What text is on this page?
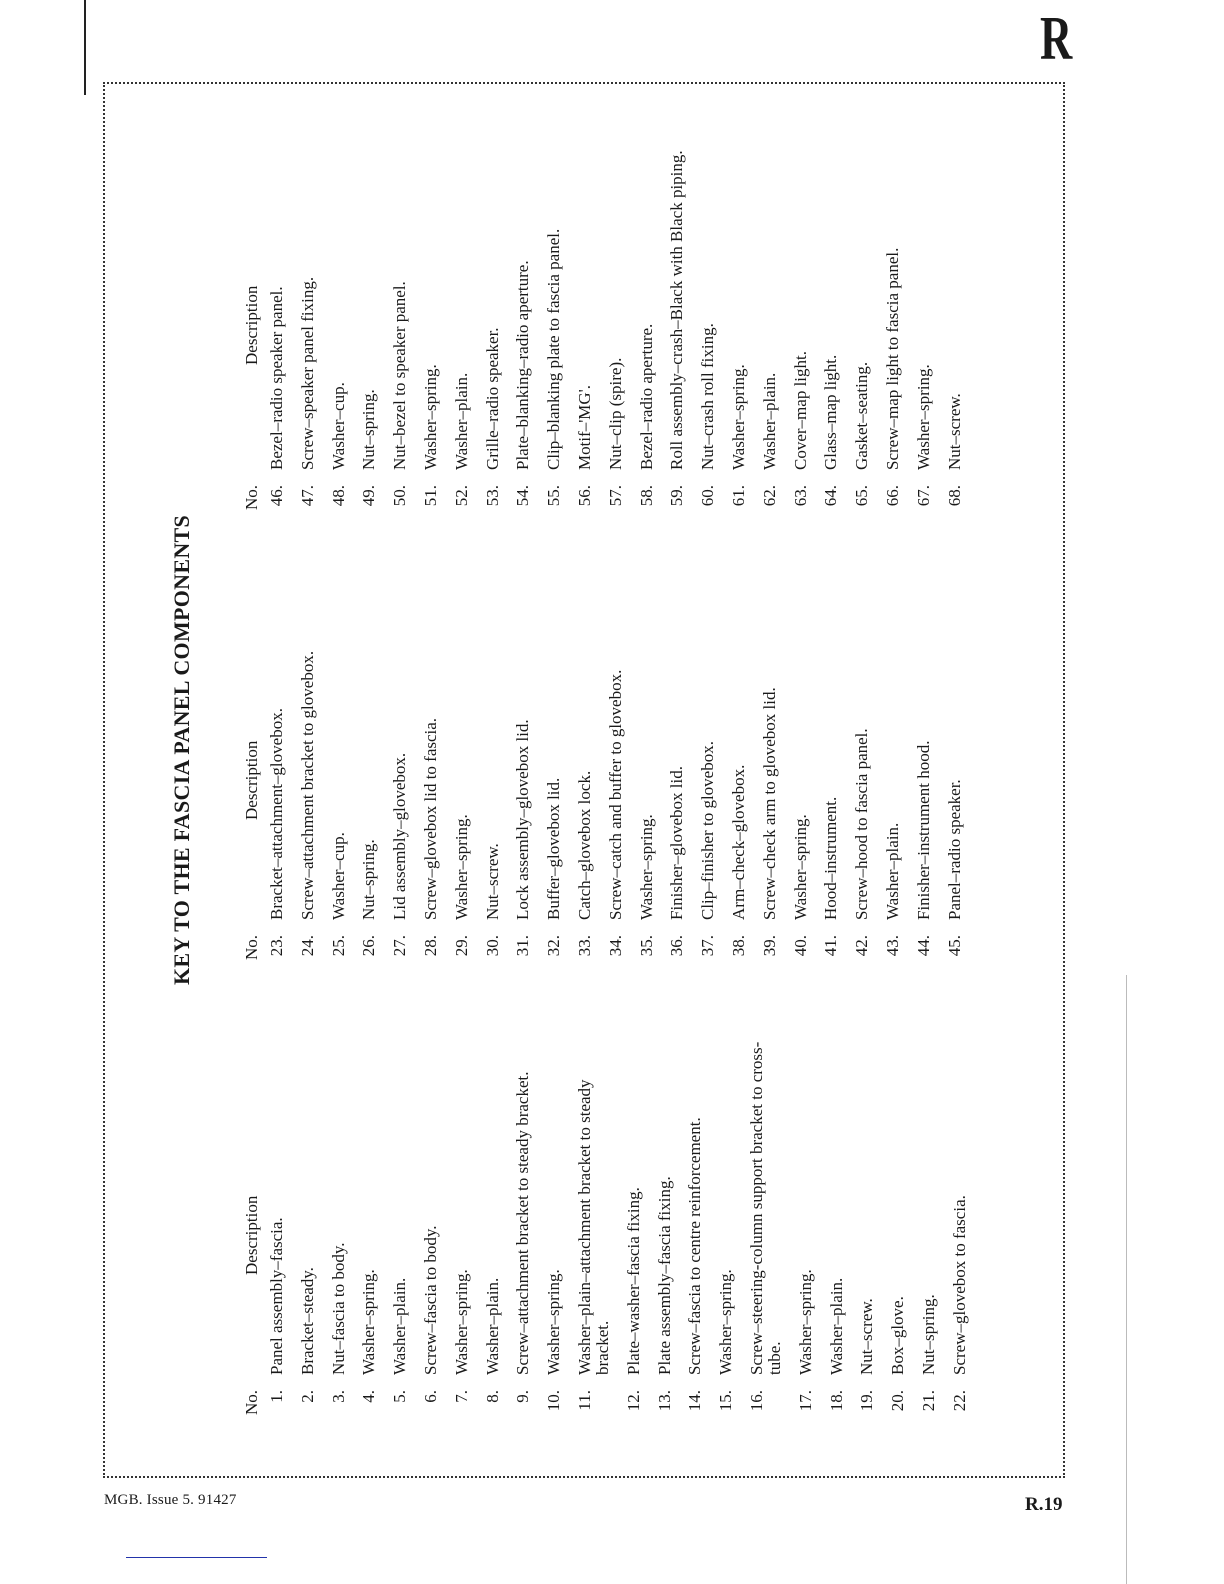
R
KEY TO THE FASCIA PANEL COMPONENTS
No.
Description
1.
Panel assembly–fascia.
2.
Bracket–steady.
3.
Nut–fascia to body.
4.
Washer–spring.
5.
Washer–plain.
6.
Screw–fascia to body.
7.
Washer–spring.
8.
Washer–plain.
9.
Screw–attachment bracket to steady bracket.
10.
Washer–spring.
11.
Washer–plain–attachment bracket to steady bracket.
12.
Plate–washer–fascia fixing.
13.
Plate assembly–fascia fixing.
14.
Screw–fascia to centre reinforcement.
15.
Washer–spring.
16.
Screw–steering-column support bracket to cross-tube.
17.
Washer–spring.
18.
Washer–plain.
19.
Nut–screw.
20.
Box–glove.
21.
Nut–spring.
22.
Screw–glovebox to fascia.
No.
Description
23.
Bracket–attachment–glovebox.
24.
Screw–attachment bracket to glovebox.
25.
Washer–cup.
26.
Nut–spring.
27.
Lid assembly–glovebox.
28.
Screw–glovebox lid to fascia.
29.
Washer–spring.
30.
Nut–screw.
31.
Lock assembly–glovebox lid.
32.
Buffer–glovebox lid.
33.
Catch–glovebox lock.
34.
Screw–catch and buffer to glovebox.
35.
Washer–spring.
36.
Finisher–glovebox lid.
37.
Clip–finisher to glovebox.
38.
Arm–check–glovebox.
39.
Screw–check arm to glovebox lid.
40.
Washer–spring.
41.
Hood–instrument.
42.
Screw–hood to fascia panel.
43.
Washer–plain.
44.
Finisher–instrument hood.
45.
Panel–radio speaker.
No.
Description
46.
Bezel–radio speaker panel.
47.
Screw–speaker panel fixing.
48.
Washer–cup.
49.
Nut–spring.
50.
Nut–bezel to speaker panel.
51.
Washer–spring.
52.
Washer–plain.
53.
Grille–radio speaker.
54.
Plate–blanking–radio aperture.
55.
Clip–blanking plate to fascia panel.
56.
Motif–'MG'.
57.
Nut–clip (spire).
58.
Bezel–radio aperture.
59.
Roll assembly–crash–Black with Black piping.
60.
Nut–crash roll fixing.
61.
Washer–spring.
62.
Washer–plain.
63.
Cover–map light.
64.
Glass–map light.
65.
Gasket–seating.
66.
Screw–map light to fascia panel.
67.
Washer–spring.
68.
Nut–screw.
MGB. Issue 5. 91427	R.19
